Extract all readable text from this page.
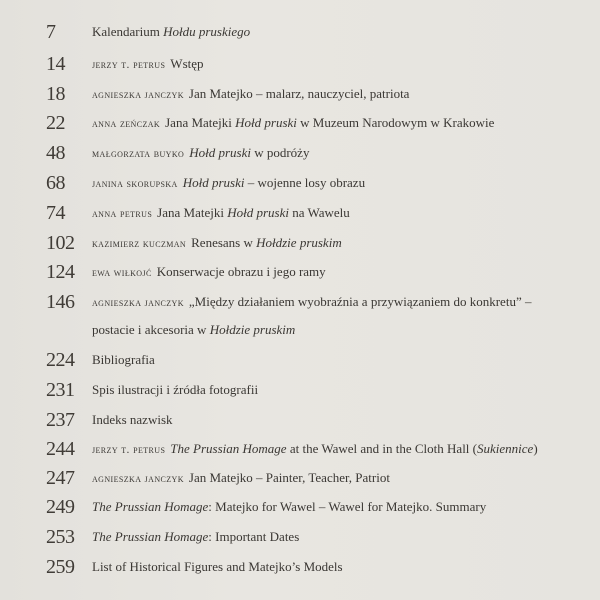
7	Kalendarium Hołdu pruskiego
14	jerzy t. petrus Wstęp
18	agnieszka janczyk Jan Matejko – malarz, nauczyciel, patriota
22	anna zeńczak Jana Matejki Hołd pruski w Muzeum Narodowym w Krakowie
48	małgorzata buyko Hołd pruski w podróży
68	janina skorupska Hołd pruski – wojenne losy obrazu
74	anna petrus Jana Matejki Hołd pruski na Wawelu
102	kazimierz kuczman Renesans w Hołdzie pruskim
124	ewa wiłkojć Konserwacje obrazu i jego ramy
146	agnieszka janczyk „Między działaniem wyobraźnia a przywiązaniem do konkretu” –
postacie i akcesoria w Hołdzie pruskim
224	Bibliografia
231	Spis ilustracji i źródła fotografii
237	Indeks nazwisk
244	jerzy t. petrus The Prussian Homage at the Wawel and in the Cloth Hall (Sukiennice)
247	agnieszka janczyk Jan Matejko – Painter, Teacher, Patriot
249	The Prussian Homage: Matejko for Wawel – Wawel for Matejko. Summary
253	The Prussian Homage: Important Dates
259	List of Historical Figures and Matejko’s Models
